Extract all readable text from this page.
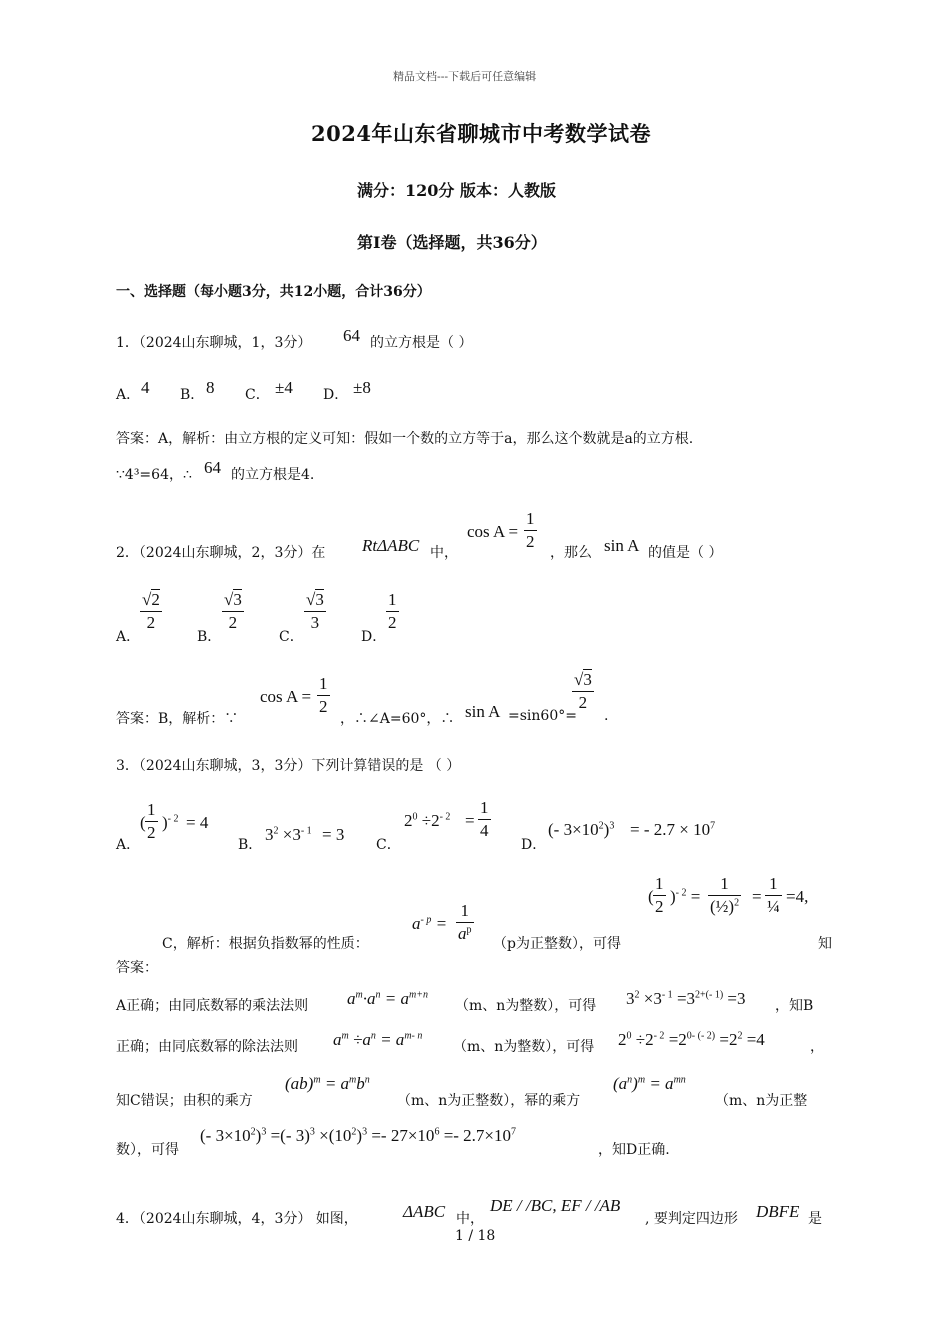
精品文档---下载后可任意编辑
2024年山东省聊城市中考数学试卷
满分：120分 版本：人教版
第I卷（选择题，共36分）
一、选择题（每小题3分，共12小题，合计36分）
1．（2024山东聊城，1，3分） 64 的立方根是（ ）
A． 4 B． 8 C． ±4 D． ±8
答案：A，解析：由立方根的定义可知：假如一个数的立方等于a，那么这个数就是a的立方根.
∵4³=64，∴ 64 的立方根是4.
2．（2024山东聊城，2，3分）在 RtΔABC 中，
$\cos A = \frac{1}{2}$
，那么 sin A 的值是（ ）
A．
$\frac{√2}{2}$
B．
$\frac{√3}{2}$
C．
$\frac{√3}{3}$
D．
$\frac{1}{2}$
答案：B，解析：∵
$\cos A = \frac{1}{2}$
，∴∠A=60°，∴ sin A =sin60°=
$\frac{√3}{2}$
.
3．（2024山东聊城，3，3分）下列计算错误的是 （ ）
A．
( $\frac{1}{2} )^{- 2} = 4$
B．
$3^2 \times 3^{- 1} = 3$
C．
$2^0 \div 2^{- 2} = \frac{1}{4}$
D．
(- $3\times 10^2)^3$ = - $2.7 \times 10^7$
C，解析：根据负指数幂的性质：
$a^{- p} = \frac{1}{a^p} (p$为正整数），可得
( $\frac{1}{2} )^{- 2} = \frac{1}{(\frac{1}{2})^2}$ =
1
¼
=4,
知
答案：
A正确；由同底数幂的乘法法则 $a^m\cdot a^n = a^{m+n}$
（m、n为整数），可得 $3^2 \times 3^{- 1} =3^{2+(- 1)} =3$ ，知B
正确；由同底数幂的除法法则 $a^m \div a^n = a^{m- n}$
（m、n为整数），可得 $2^0 \div 2^{- 2} =2^{0- (- 2)} =2^2 =4$	，
知C错误；由积的乘方
$(ab)^m = a^mb^n$
（m、n为正整数），幂的乘方
$(a^n)^m = a^{mn}$
（m、n为正整
数），可得
(- $3\times 10^2)^3$ =(- $3)^3 \times(10^2)^3 =- 27\times 10^6 =- 2.7\times 10^7$
，知D正确.
4．（2024山东聊城，4，3分） 如图，	ΔABC 中，
DE / /BC, EF / /AB
, 要判定四边形 DBFE 是
1 / 18
